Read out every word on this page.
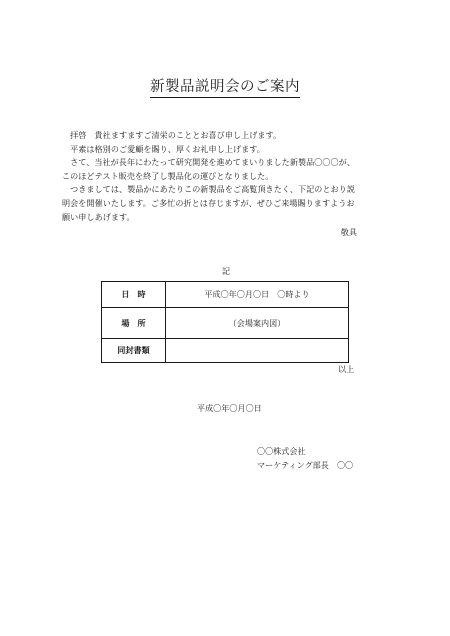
新製品説明会のご案内

拝啓　貴社ますますご清栄のこととお喜び申し上げます。

平素は格別のご愛顧を賜り、厚くお礼申し上げます。

さて、当社が長年にわたって研究開発を進めてまいりました新製品〇〇〇が、このほどテスト販売を終了し製品化の運びとなりました。

つきましては、製品かにあたりこの新製品をご高覧頂きたく、下記のとおり説明会を開催いたします。ご多忙の折とは存じますが、ぜひご来場賜りますようお願い申しあげます。

敬具
記
日　時	平成〇年〇月〇日　〇時より
場　所	（会場案内図）
同封書類	
以上
平成〇年〇月〇日
〇〇株式会社
マーケティング部長　〇〇
